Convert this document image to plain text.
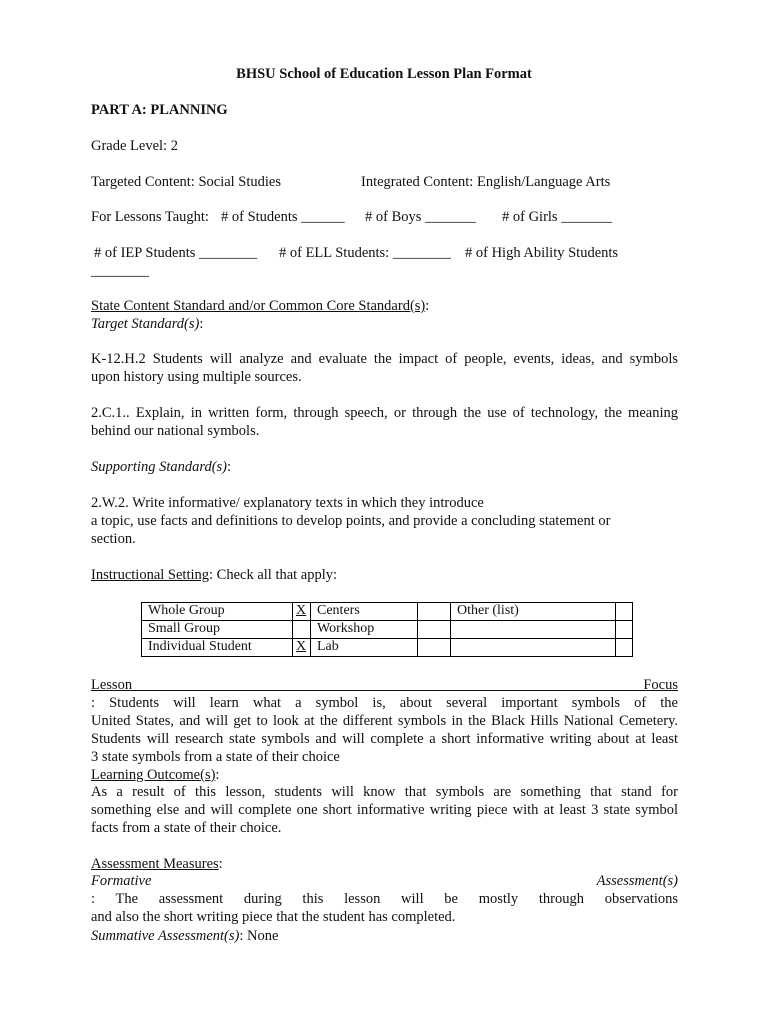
BHSU School of Education Lesson Plan Format
PART A: PLANNING
Grade Level: 2
Targeted Content: Social Studies	Integrated Content: English/Language Arts
For Lessons Taught: # of Students ______ # of Boys _______ # of Girls _______
# of IEP Students ________ # of ELL Students: ________ # of High Ability Students
________
State Content Standard and/or Common Core Standard(s):
Target Standard(s):
K-12.H.2 Students will analyze and evaluate the impact of people, events, ideas, and symbols
upon history using multiple sources.
2.C.1.. Explain, in written form, through speech, or through the use of technology, the meaning
behind our national symbols.
Supporting Standard(s):
2.W.2. Write informative/ explanatory texts in which they introduce
a topic, use facts and definitions to develop points, and provide a concluding statement or
section.
Instructional Setting: Check all that apply:
Whole Group	X	Centers		Other (list)	
Small Group		Workshop			
Individual Student	X	Lab			
Lesson Focus
: Students will learn what a symbol is, about several important symbols of the
United States, and will get to look at the different symbols in the Black Hills National Cemetery.
Students will research state symbols and will complete a short informative writing about at least
3 state symbols from a state of their choice
Learning Outcome(s):
As a result of this lesson, students will know that symbols are something that stand for
something else and will complete one short informative writing piece with at least 3 state symbol
facts from a state of their choice.
Assessment Measures:
Formative Assessment(s)
: The assessment during this lesson will be mostly through observations
and also the short writing piece that the student has completed.
Summative Assessment(s): None
